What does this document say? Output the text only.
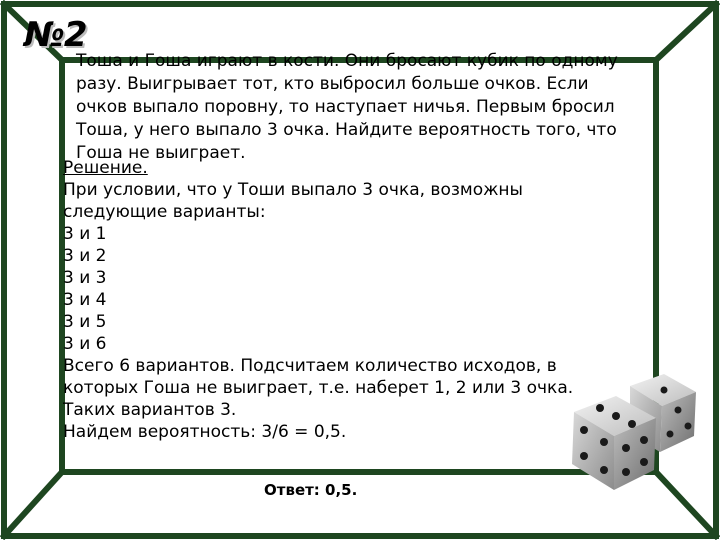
№2
Тоша и Гоша играют в кости. Они бросают кубик по одному
разу. Выигрывает тот, кто выбросил больше очков. Если
очков выпало поровну, то наступает ничья. Первым бросил
Тоша, у него выпало 3 очка. Найдите вероятность того, что
Гоша не выиграет.
Решение.
При условии, что у Тоши выпало 3 очка, возможны
следующие варианты:
3 и 1
3 и 2
3 и 3
3 и 4
3 и 5
3 и 6
Всего 6 вариантов. Подсчитаем количество исходов, в
которых Гоша не выиграет, т.е. наберет 1, 2 или 3 очка.
Таких вариантов 3.
Найдем вероятность: 3/6 = 0,5.
Ответ: 0,5.
